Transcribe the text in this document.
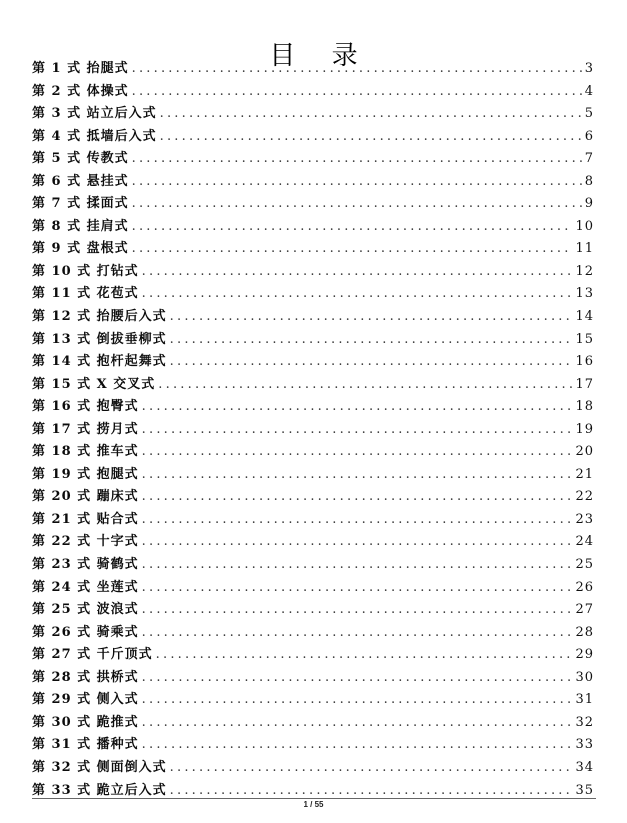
目 录
第 1 式 抬腿式 .....	3
第 2 式 体操式 .....	4
第 3 式 站立后入式 .....	5
第 4 式 抵墙后入式 .....	6
第 5 式 传教式 .....	7
第 6 式 悬挂式 .....	8
第 7 式 揉面式 .....	9
第 8 式 挂肩式 .....	10
第 9 式 盘根式 .....	11
第 10 式 打钻式 .....	12
第 11 式 花苞式 .....	13
第 12 式 抬腰后入式 .....	14
第 13 式 倒拔垂柳式 .....	15
第 14 式 抱杆起舞式 .....	16
第 15 式 X 交叉式 .....	17
第 16 式 抱臀式 .....	18
第 17 式 捞月式 .....	19
第 18 式 推车式 .....	20
第 19 式 抱腿式 .....	21
第 20 式 蹦床式 .....	22
第 21 式 贴合式 .....	23
第 22 式 十字式 .....	24
第 23 式 骑鹤式 .....	25
第 24 式 坐莲式 .....	26
第 25 式 波浪式 .....	27
第 26 式 骑乘式 .....	28
第 27 式 千斤顶式 .....	29
第 28 式 拱桥式 .....	30
第 29 式 侧入式 .....	31
第 30 式 跪推式 .....	32
第 31 式 播种式 .....	33
第 32 式 侧面倒入式 .....	34
第 33 式 跪立后入式 .....	35
1 / 55
